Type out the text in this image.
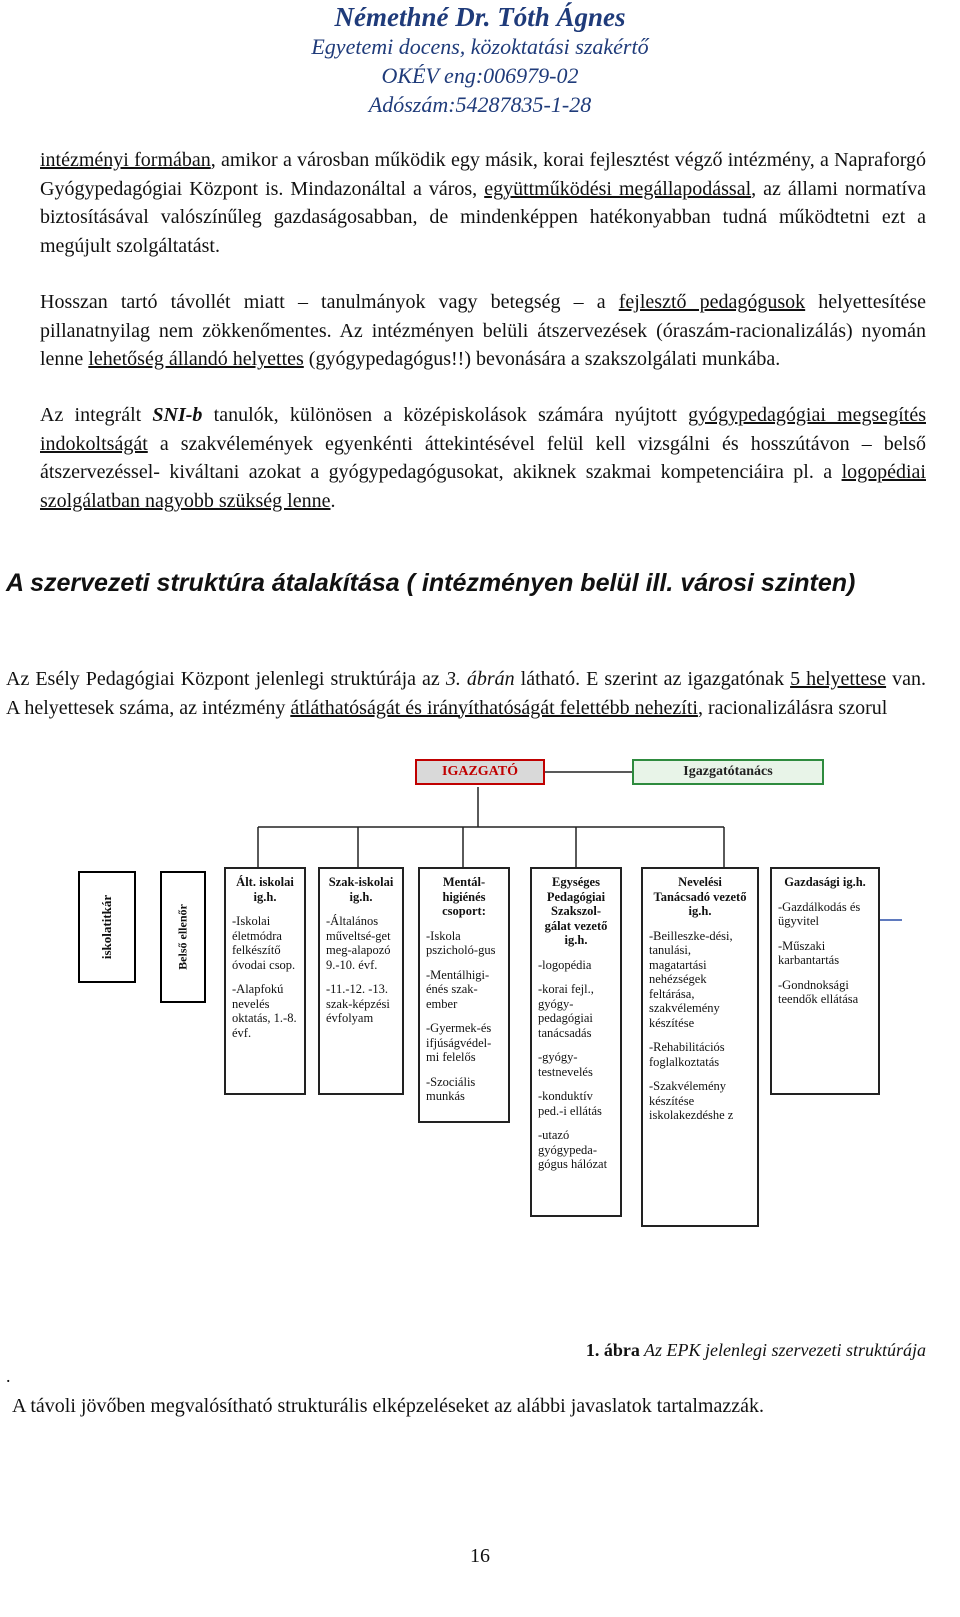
Némethné Dr. Tóth Ágnes
Egyetemi docens, közoktatási szakértő
OKÉV eng:006979-02
Adószám:54287835-1-28
intézményi formában, amikor a városban működik egy másik, korai fejlesztést végző intézmény, a Napraforgó Gyógypedagógiai Központ is. Mindazonáltal a város, együttműködési megállapodással, az állami normatíva biztosításával valószínűleg gazdaságosabban, de mindenképpen hatékonyabban tudná működtetni ezt a megújult szolgáltatást.
Hosszan tartó távollét miatt – tanulmányok vagy betegség – a fejlesztő pedagógusok helyettesítése pillanatnyilag nem zökkenőmentes. Az intézményen belüli átszervezések (óraszám-racionalizálás) nyomán lenne lehetőség állandó helyettes (gyógypedagógus!!) bevonására a szakszolgálati munkába.
Az integrált SNI-b tanulók, különösen a középiskolások számára nyújtott gyógypedagógiai megsegítés indokoltságát a szakvélemények egyenkénti áttekintésével felül kell vizsgálni és hosszútávon – belső átszervezéssel- kiváltani azokat a gyógypedagógusokat, akiknek szakmai kompetenciáira pl. a logopédiai szolgálatban nagyobb szükség lenne.
A szervezeti struktúra átalakítása ( intézményen belül ill. városi szinten)
Az Esély Pedagógiai Központ jelenlegi struktúrája az 3. ábrán látható. E szerint az igazgatónak 5 helyettese van. A helyettesek száma, az intézmény átláthatóságát és irányíthatóságát felettébb nehezíti, racionalizálásra szorul
IGAZGATÓ	Igazgatótanács
iskolatitkár	Belső ellenőr
Ált. iskolai ig.h.
-Iskolai életmódra felkészítő óvodai csop.
-Alapfokú nevelés oktatás, 1.-8. évf.
Szak-iskolai ig.h.
-Általános műveltsé-get meg-alapozó 9.-10. évf.
-11.-12. -13. szak-képzési évfolyam
Mentál-higiénés csoport:
-Iskola pszicholó-gus
-Mentálhigi-énés szak-ember
-Gyermek-és ifjúságvédel-mi felelős
-Szociális munkás
Egységes Pedagógiai Szakszol-gálat vezető ig.h.
-logopédia
-korai fejl., gyógy-pedagógiai tanácsadás
-gyógy-testnevelés
-konduktív ped.-i ellátás
-utazó gyógypeda-gógus hálózat
Nevelési Tanácsadó vezető ig.h.
-Beilleszke-dési, tanulási, magatartási nehézségek feltárása, szakvélemény készítése
-Rehabilitációs foglalkoztatás
-Szakvélemény készítése iskolakezdéshe z
Gazdasági ig.h.
-Gazdálkodás és ügyvitel
-Műszaki karbantartás
-Gondnoksági teendők ellátása
1. ábra Az EPK jelenlegi szervezeti struktúrája
.
A távoli jövőben megvalósítható strukturális elképzeléseket az alábbi javaslatok tartalmazzák.
16
